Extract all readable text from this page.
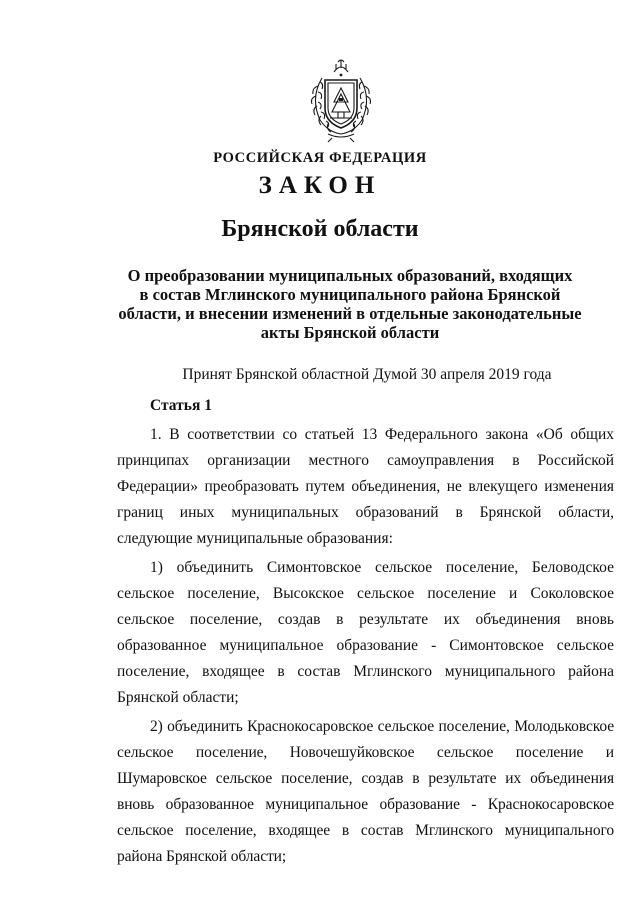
РОССИЙСКАЯ ФЕДЕРАЦИЯ
ЗАКОН
Брянской области
О преобразовании муниципальных образований, входящих
в состав Мглинского муниципального района Брянской
области, и внесении изменений в отдельные законодательные
акты Брянской области
Принят Брянской областной Думой 30 апреля 2019 года
Статья 1

1. В соответствии со статьей 13 Федерального закона «Об общих принципах организации местного самоуправления в Российской Федерации» преобразовать путем объединения, не влекущего изменения границ иных муниципальных образований в Брянской области, следующие муниципальные образования:

1) объединить Симонтовское сельское поселение, Беловодское сельское поселение, Высокское сельское поселение и Соколовское сельское поселение, создав в результате их объединения вновь образованное муниципальное образование - Симонтовское сельское поселение, входящее в состав Мглинского муниципального района Брянской области;

2) объединить Краснокосаровское сельское поселение, Молодьковское сельское поселение, Новочешуйковское сельское поселение и Шумаровское сельское поселение, создав в результате их объединения вновь образованное муниципальное образование - Краснокосаровское сельское поселение, входящее в состав Мглинского муниципального района Брянской области;
